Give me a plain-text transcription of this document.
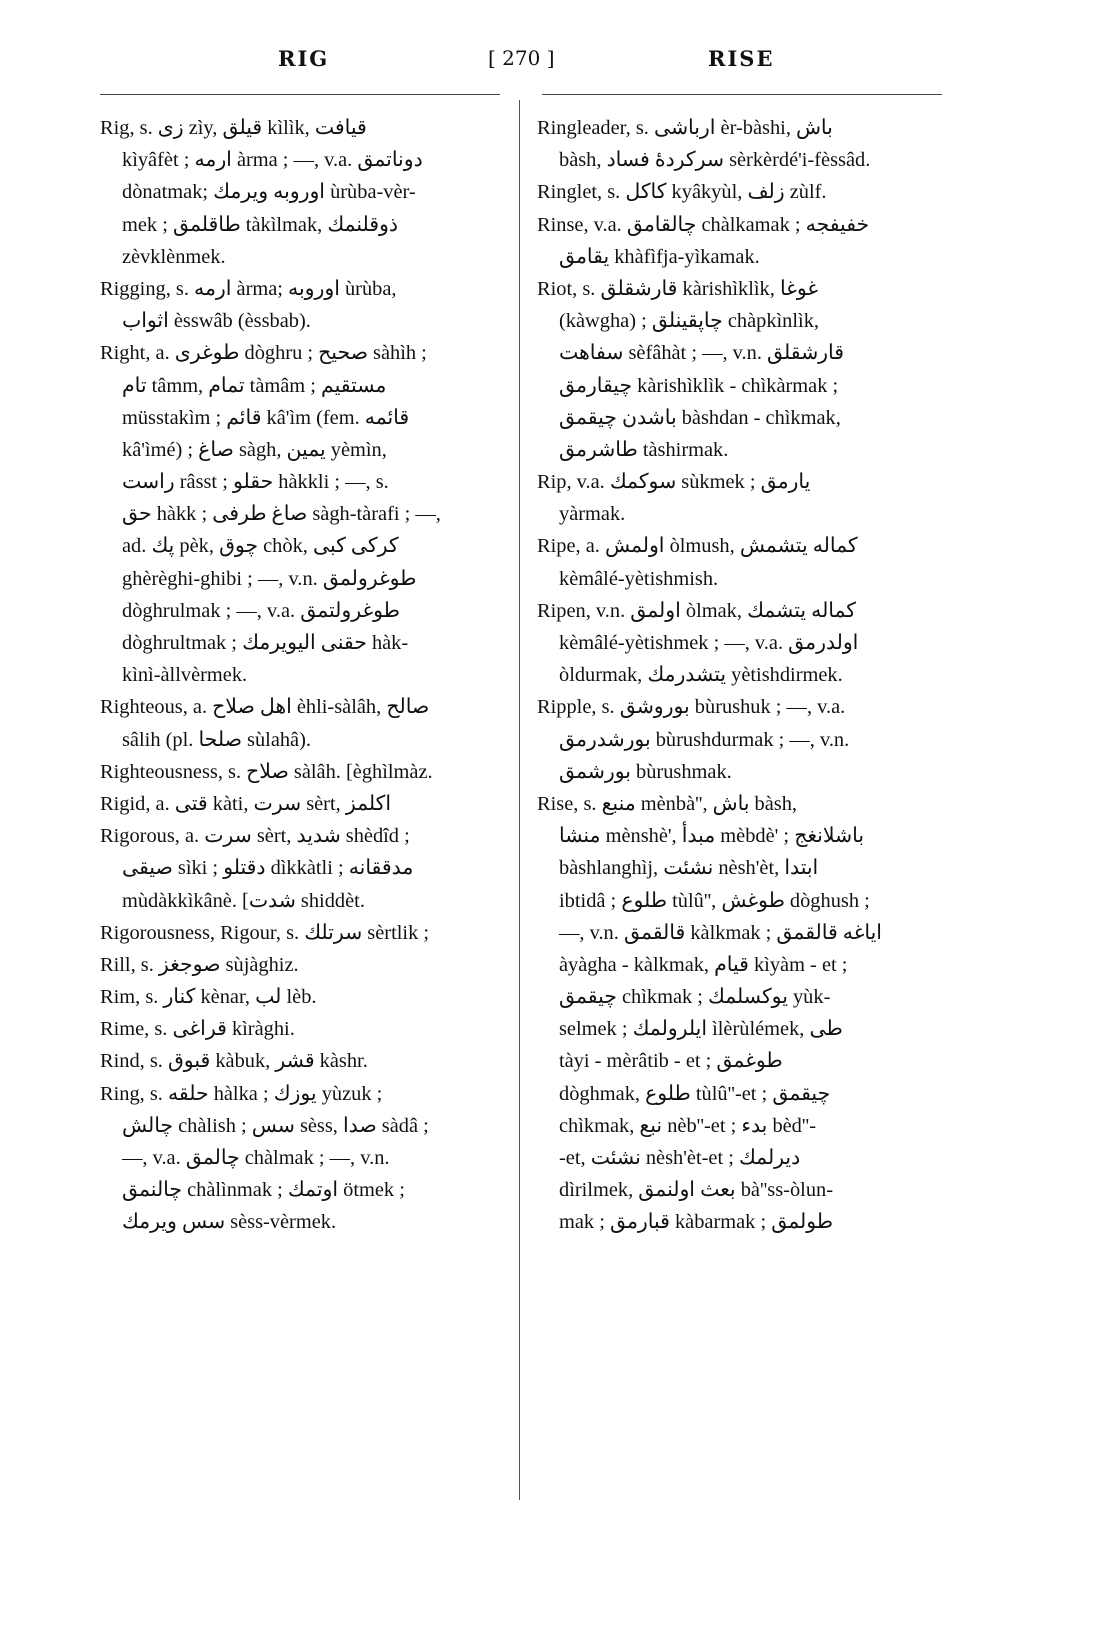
RIG	[ 270 ]	RISE
Rig, s. زى zìy, قيلق kìlìk, قيافت
kìyâfèt ; ارمه àrma ; —, v.a. دوناتمق
dònatmak; اوروبه ويرمك ùrùba-vèr-
mek ; طاقلمق tàkìlmak, ذوقلنمك
zèvklènmek.
Rigging, s. ارمه àrma; اوروبه ùrùba,
اثواب èsswâb (èssbab).
Right, a. طوغرى dòghru ; صحيح sàhìh ;
تام tâmm, تمام tàmâm ; مستقيم
müsstakìm ; قائم kâ'ìm (fem. قائمه
kâ'ìmé) ; صاغ sàgh, يمين yèmìn,
راست râsst ; حقلو hàkkli ; —, s.
حق hàkk ; صاغ طرفى sàgh-tàrafi ; —,
ad. پك pèk, چوق chòk, كركى كبى
ghèrèghi-ghibi ; —, v.n. طوغرولمق
dòghrulmak ; —, v.a. طوغرولتمق
dòghrultmak ; حقنى اليويرمك hàk-
kìnì-àllvèrmek.
Righteous, a. اهل صلاح èhli-sàlâh, صالح
sâlih (pl. صلحا sùlahâ).
Righteousness, s. صلاح sàlâh. [èghìlmàz.
Rigid, a. قتى kàti, سرت sèrt, اكلمز
Rigorous, a. سرت sèrt, شديد shèdîd ;
صيقى sìki ; دقتلو dìkkàtli ; مدققانه
mùdàkkìkânè. [شدت shiddèt.
Rigorousness, Rigour, s. سرتلك sèrtlik ;
Rill, s. صوجغز sùjàghiz.
Rim, s. كنار kènar, لب lèb.
Rime, s. قراغى kìràghi.
Rind, s. قبوق kàbuk, قشر kàshr.
Ring, s. حلقه hàlka ; يوزك yùzuk ;
چالش chàlish ; سس sèss, صدا sàdâ ;
—, v.a. چالمق chàlmak ; —, v.n.
چالنمق chàlìnmak ; اوتمك ötmek ;
سس ويرمك sèss-vèrmek.
Ringleader, s. ارباشى èr-bàshi, باش
bàsh, سركردهٔ فساد sèrkèrdé'i-fèssâd.
Ringlet, s. كاكل kyâkyùl, زلف zùlf.
Rinse, v.a. چالقامق chàlkamak ; خفيفجه
يقامق khàfìfja-yìkamak.
Riot, s. قارشقلق kàrishìklìk, غوغا
(kàwgha) ; چاپقينلق chàpkìnlìk,
سفاهت sèfâhàt ; —, v.n. قارشقلق
چيقارمق kàrishìklìk - chìkàrmak ;
باشدن چيقمق bàshdan - chìkmak,
طاشرمق tàshirmak.
Rip, v.a. سوكمك sùkmek ; يارمق
yàrmak.
Ripe, a. اولمش òlmush, كماله يتشمش
kèmâlé-yètishmish.
Ripen, v.n. اولمق òlmak, كماله يتشمك
kèmâlé-yètishmek ; —, v.a. اولدرمق
òldurmak, يتشدرمك yètishdirmek.
Ripple, s. بوروشق bùrushuk ; —, v.a.
بورشدرمق bùrushdurmak ; —, v.n.
بورشمق bùrushmak.
Rise, s. منبع mènbà'', باش bàsh,
منشا mènshè', مبدأ mèbdè' ; باشلانغج
bàshlanghìj, نشئت nèsh'èt, ابتدا
ibtidâ ; طلوع tùlû'', طوغش dòghush ;
—, v.n. قالقمق kàlkmak ; اياغه قالقمق
àyàgha - kàlkmak, قيام kìyàm - et ;
چيقمق chìkmak ; يوكسلمك yùk-
selmek ; ايلرولمك ìlèrùlémek, طى
tàyi - mèrâtib - et ; طوغمق
dòghmak, طلوع tùlû''-et ; چيقمق
chìkmak, نبع nèb''-et ; بدء bèd''-
-et, نشئت nèsh'èt-et ; ديرلمك
dìrilmek, بعث اولنمق bà''ss-òlun-
mak ; قبارمق kàbarmak ; طولمق
